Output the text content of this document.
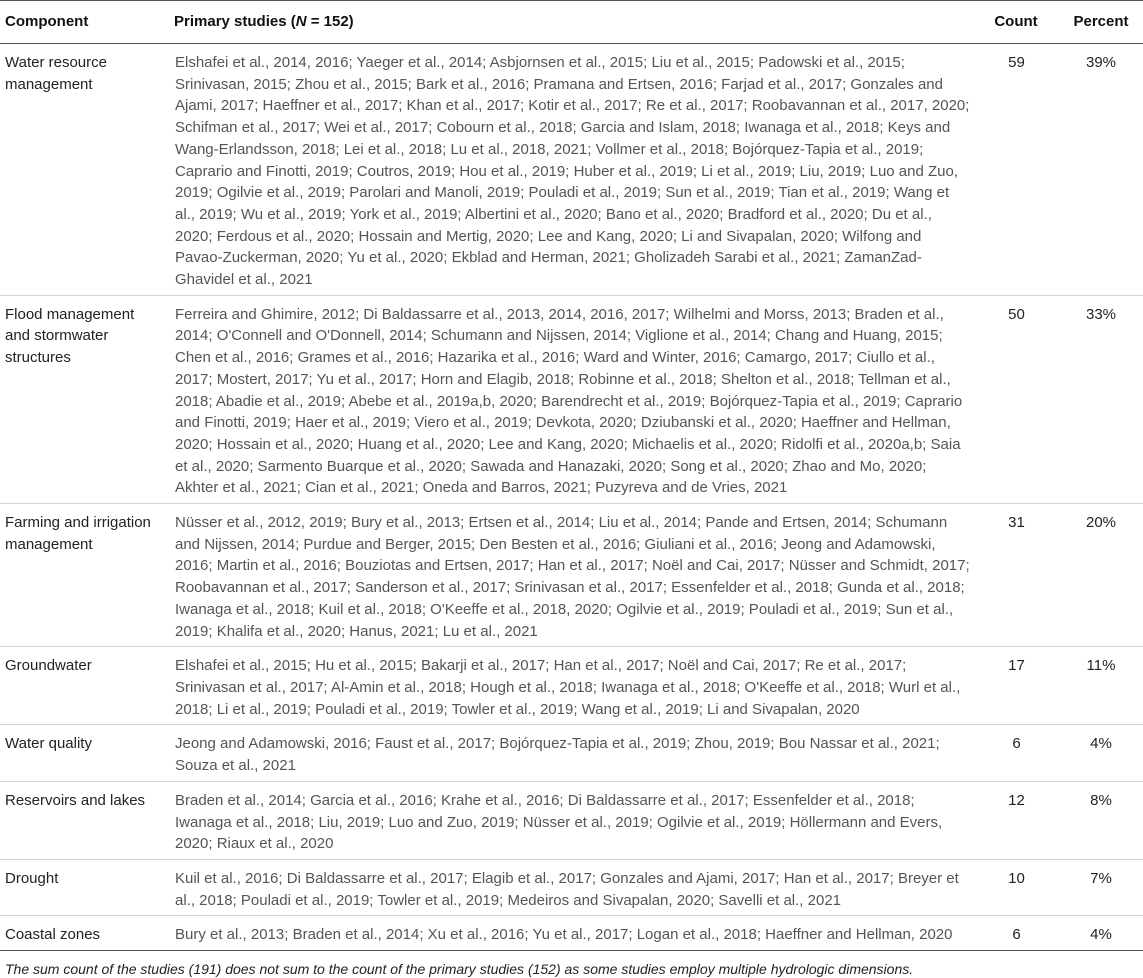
Component	Primary studies (N = 152)	Count	Percent
Water resource management	Elshafei et al., 2014, 2016; Yaeger et al., 2014; Asbjornsen et al., 2015; Liu et al., 2015; Padowski et al., 2015; Srinivasan, 2015; Zhou et al., 2015; Bark et al., 2016; Pramana and Ertsen, 2016; Farjad et al., 2017; Gonzales and Ajami, 2017; Haeffner et al., 2017; Khan et al., 2017; Kotir et al., 2017; Re et al., 2017; Roobavannan et al., 2017, 2020; Schifman et al., 2017; Wei et al., 2017; Cobourn et al., 2018; Garcia and Islam, 2018; Iwanaga et al., 2018; Keys and Wang-Erlandsson, 2018; Lei et al., 2018; Lu et al., 2018, 2021; Vollmer et al., 2018; Bojórquez-Tapia et al., 2019; Caprario and Finotti, 2019; Coutros, 2019; Hou et al., 2019; Huber et al., 2019; Li et al., 2019; Liu, 2019; Luo and Zuo, 2019; Ogilvie et al., 2019; Parolari and Manoli, 2019; Pouladi et al., 2019; Sun et al., 2019; Tian et al., 2019; Wang et al., 2019; Wu et al., 2019; York et al., 2019; Albertini et al., 2020; Bano et al., 2020; Bradford et al., 2020; Du et al., 2020; Ferdous et al., 2020; Hossain and Mertig, 2020; Lee and Kang, 2020; Li and Sivapalan, 2020; Wilfong and Pavao-Zuckerman, 2020; Yu et al., 2020; Ekblad and Herman, 2021; Gholizadeh Sarabi et al., 2021; ZamanZad-Ghavidel et al., 2021	59	39%
Flood management and stormwater structures	Ferreira and Ghimire, 2012; Di Baldassarre et al., 2013, 2014, 2016, 2017; Wilhelmi and Morss, 2013; Braden et al., 2014; O'Connell and O'Donnell, 2014; Schumann and Nijssen, 2014; Viglione et al., 2014; Chang and Huang, 2015; Chen et al., 2016; Grames et al., 2016; Hazarika et al., 2016; Ward and Winter, 2016; Camargo, 2017; Ciullo et al., 2017; Mostert, 2017; Yu et al., 2017; Horn and Elagib, 2018; Robinne et al., 2018; Shelton et al., 2018; Tellman et al., 2018; Abadie et al., 2019; Abebe et al., 2019a,b, 2020; Barendrecht et al., 2019; Bojórquez-Tapia et al., 2019; Caprario and Finotti, 2019; Haer et al., 2019; Viero et al., 2019; Devkota, 2020; Dziubanski et al., 2020; Haeffner and Hellman, 2020; Hossain et al., 2020; Huang et al., 2020; Lee and Kang, 2020; Michaelis et al., 2020; Ridolfi et al., 2020a,b; Saia et al., 2020; Sarmento Buarque et al., 2020; Sawada and Hanazaki, 2020; Song et al., 2020; Zhao and Mo, 2020; Akhter et al., 2021; Cian et al., 2021; Oneda and Barros, 2021; Puzyreva and de Vries, 2021	50	33%
Farming and irrigation management	Nüsser et al., 2012, 2019; Bury et al., 2013; Ertsen et al., 2014; Liu et al., 2014; Pande and Ertsen, 2014; Schumann and Nijssen, 2014; Purdue and Berger, 2015; Den Besten et al., 2016; Giuliani et al., 2016; Jeong and Adamowski, 2016; Martin et al., 2016; Bouziotas and Ertsen, 2017; Han et al., 2017; Noël and Cai, 2017; Nüsser and Schmidt, 2017; Roobavannan et al., 2017; Sanderson et al., 2017; Srinivasan et al., 2017; Essenfelder et al., 2018; Gunda et al., 2018; Iwanaga et al., 2018; Kuil et al., 2018; O'Keeffe et al., 2018, 2020; Ogilvie et al., 2019; Pouladi et al., 2019; Sun et al., 2019; Khalifa et al., 2020; Hanus, 2021; Lu et al., 2021	31	20%
Groundwater	Elshafei et al., 2015; Hu et al., 2015; Bakarji et al., 2017; Han et al., 2017; Noël and Cai, 2017; Re et al., 2017; Srinivasan et al., 2017; Al-Amin et al., 2018; Hough et al., 2018; Iwanaga et al., 2018; O'Keeffe et al., 2018; Wurl et al., 2018; Li et al., 2019; Pouladi et al., 2019; Towler et al., 2019; Wang et al., 2019; Li and Sivapalan, 2020	17	11%
Water quality	Jeong and Adamowski, 2016; Faust et al., 2017; Bojórquez-Tapia et al., 2019; Zhou, 2019; Bou Nassar et al., 2021; Souza et al., 2021	6	4%
Reservoirs and lakes	Braden et al., 2014; Garcia et al., 2016; Krahe et al., 2016; Di Baldassarre et al., 2017; Essenfelder et al., 2018; Iwanaga et al., 2018; Liu, 2019; Luo and Zuo, 2019; Nüsser et al., 2019; Ogilvie et al., 2019; Höllermann and Evers, 2020; Riaux et al., 2020	12	8%
Drought	Kuil et al., 2016; Di Baldassarre et al., 2017; Elagib et al., 2017; Gonzales and Ajami, 2017; Han et al., 2017; Breyer et al., 2018; Pouladi et al., 2019; Towler et al., 2019; Medeiros and Sivapalan, 2020; Savelli et al., 2021	10	7%
Coastal zones	Bury et al., 2013; Braden et al., 2014; Xu et al., 2016; Yu et al., 2017; Logan et al., 2018; Haeffner and Hellman, 2020	6	4%
The sum count of the studies (191) does not sum to the count of the primary studies (152) as some studies employ multiple hydrologic dimensions.
